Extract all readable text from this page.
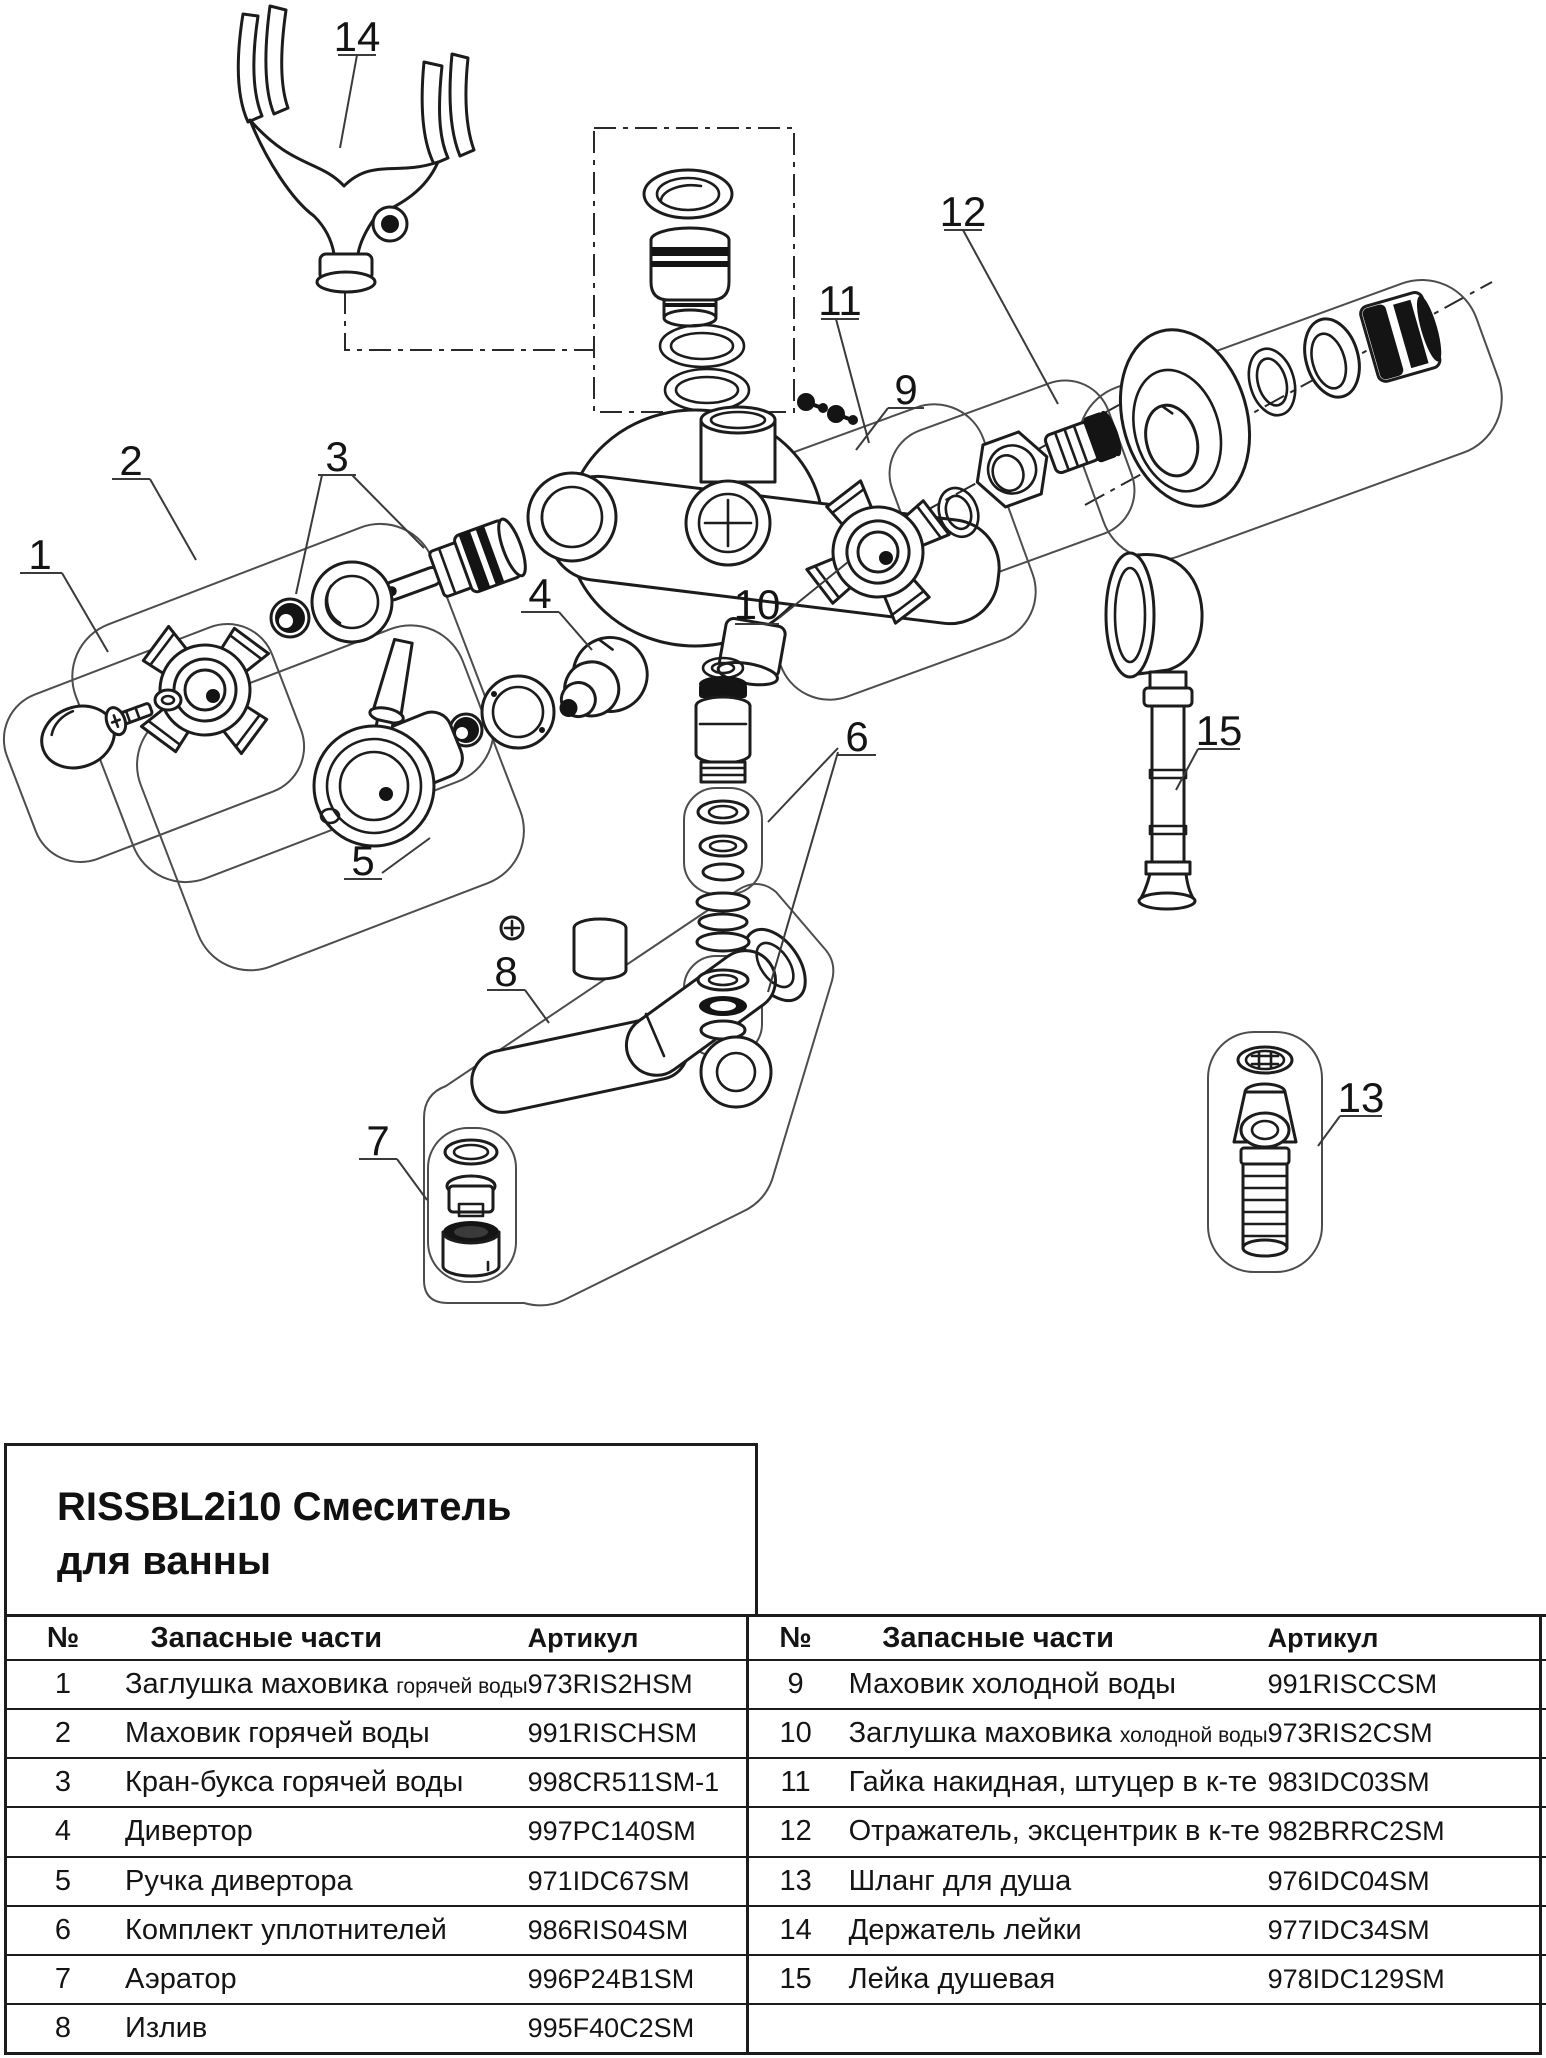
1
2	3
4
5
6
7
8
9
10
11
12
13
14
15
RISSBL2i10 Смеситель
для ванны
№	Запасные части	Артикул
1	Заглушка маховика горячей воды 973RIS2HSM
2	Маховик горячей воды	991RISCHSM
3	Кран-букса горячей воды 998CR511SM-1
4	Дивертор	997PC140SM
5	Ручка дивертора	971IDC67SM
6	Комплект уплотнителей	986RIS04SM
7	Аэратор	996P24B1SM
8	Излив	995F40C2SM
№	Запасные части	Артикул
9	Маховик холодной воды	991RISCCSM
10	Заглушка маховика холодной воды 973RIS2CSM
11	Гайка накидная, штуцер в к-те 983IDC03SM
12	Отражатель, эксцентрик в к-те 982BRRC2SM
13	Шланг для душа	976IDC04SM
14	Держатель лейки	977IDC34SM
15	Лейка душевая	978IDC129SM
